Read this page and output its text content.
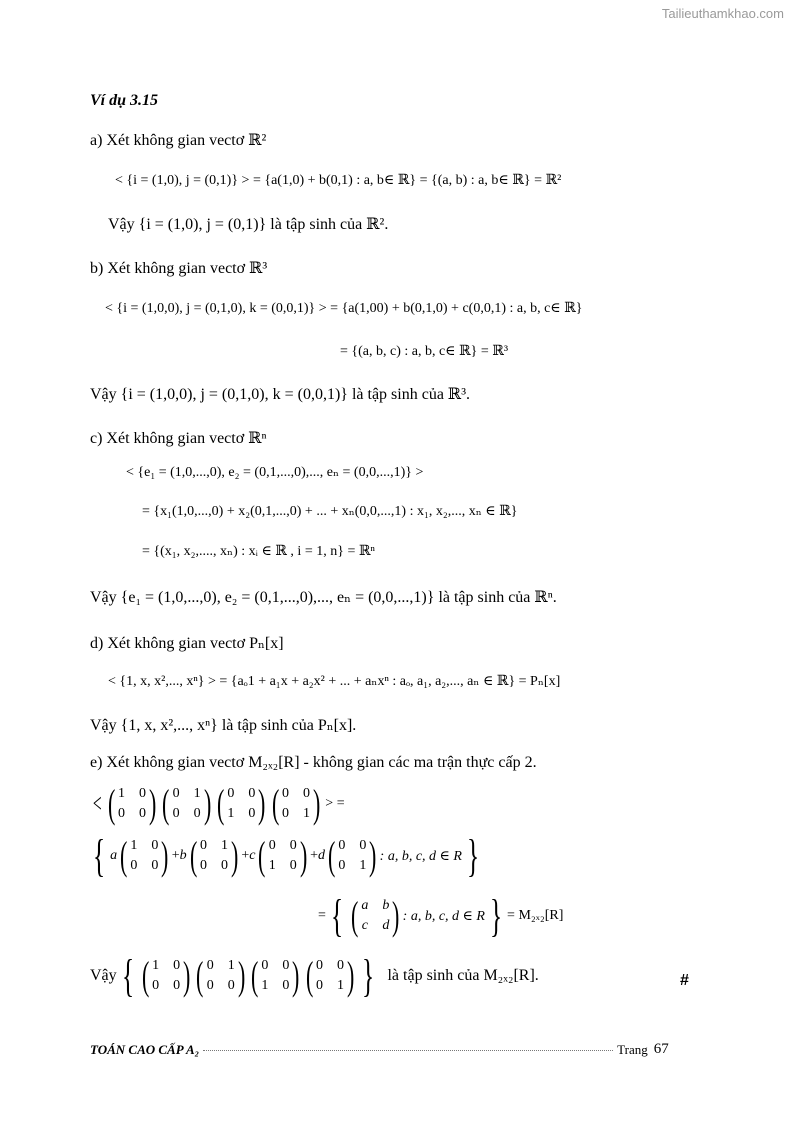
Tailieuthamkhao.com
Ví dụ 3.15
a) Xét không gian vectơ ℝ²
< {i = (1,0), j = (0,1)} > = {a(1,0) + b(0,1) : a, b∈ ℝ} = {(a, b) : a, b∈ ℝ} = ℝ²
Vậy {i = (1,0), j = (0,1)} là tập sinh của ℝ².
b) Xét không gian vectơ ℝ³
< {i = (1,0,0), j = (0,1,0), k = (0,0,1)} > = {a(1,00) + b(0,1,0) + c(0,0,1) : a, b, c∈ ℝ}
= {(a, b, c) : a, b, c∈ ℝ} = ℝ³
Vậy {i = (1,0,0), j = (0,1,0), k = (0,0,1)} là tập sinh của ℝ³.
c) Xét không gian vectơ ℝⁿ
< {e₁ = (1,0,...,0), e₂ = (0,1,...,0),..., eₙ = (0,0,...,1)} >
= {x₁(1,0,...,0) + x₂(0,1,...,0) + ... + xₙ(0,0,...,1) : x₁, x₂,..., xₙ ∈ ℝ}
= {(x₁, x₂,...., xₙ) : xᵢ ∈ ℝ , i = 1, n} = ℝⁿ
Vậy {e₁ = (1,0,...,0), e₂ = (0,1,...,0),..., eₙ = (0,0,...,1)} là tập sinh của ℝⁿ.
d) Xét không gian vectơ Pₙ[x]
< {1, x, x²,..., xⁿ} > = {aₒ1 + a₁x + a₂x² + ... + aₙxⁿ : aₒ, a₁, a₂,..., aₙ ∈ ℝ} = Pₙ[x]
Vậy {1, x, x²,..., xⁿ} là tập sinh của Pₙ[x].
e) Xét không gian vectơ M₂ₓ₂[R] - không gian các ma trận thực cấp 2.
< ( 1 0
0 0 ) ( 0 1
0 0 ) ( 0 0
1 0 ) ( 0 0
0 1 ) > =
{ a ( 1 0
0 0 ) + b ( 0 1
0 0 ) + c ( 0 0
1 0 ) + d ( 0 0
0 1 ) : a, b, c, d ∈ R }
= { ( a b
c d ) : a, b, c, d ∈ R } = M₂ₓ₂[R]
Vậy { ( 1 0
0 0 ) ( 0 1
0 0 ) ( 0 0
1 0 ) ( 0 0
0 1 ) } là tập sinh của M₂ₓ₂[R].	#
TOÁN CAO CẤP A₂	Trang 67
